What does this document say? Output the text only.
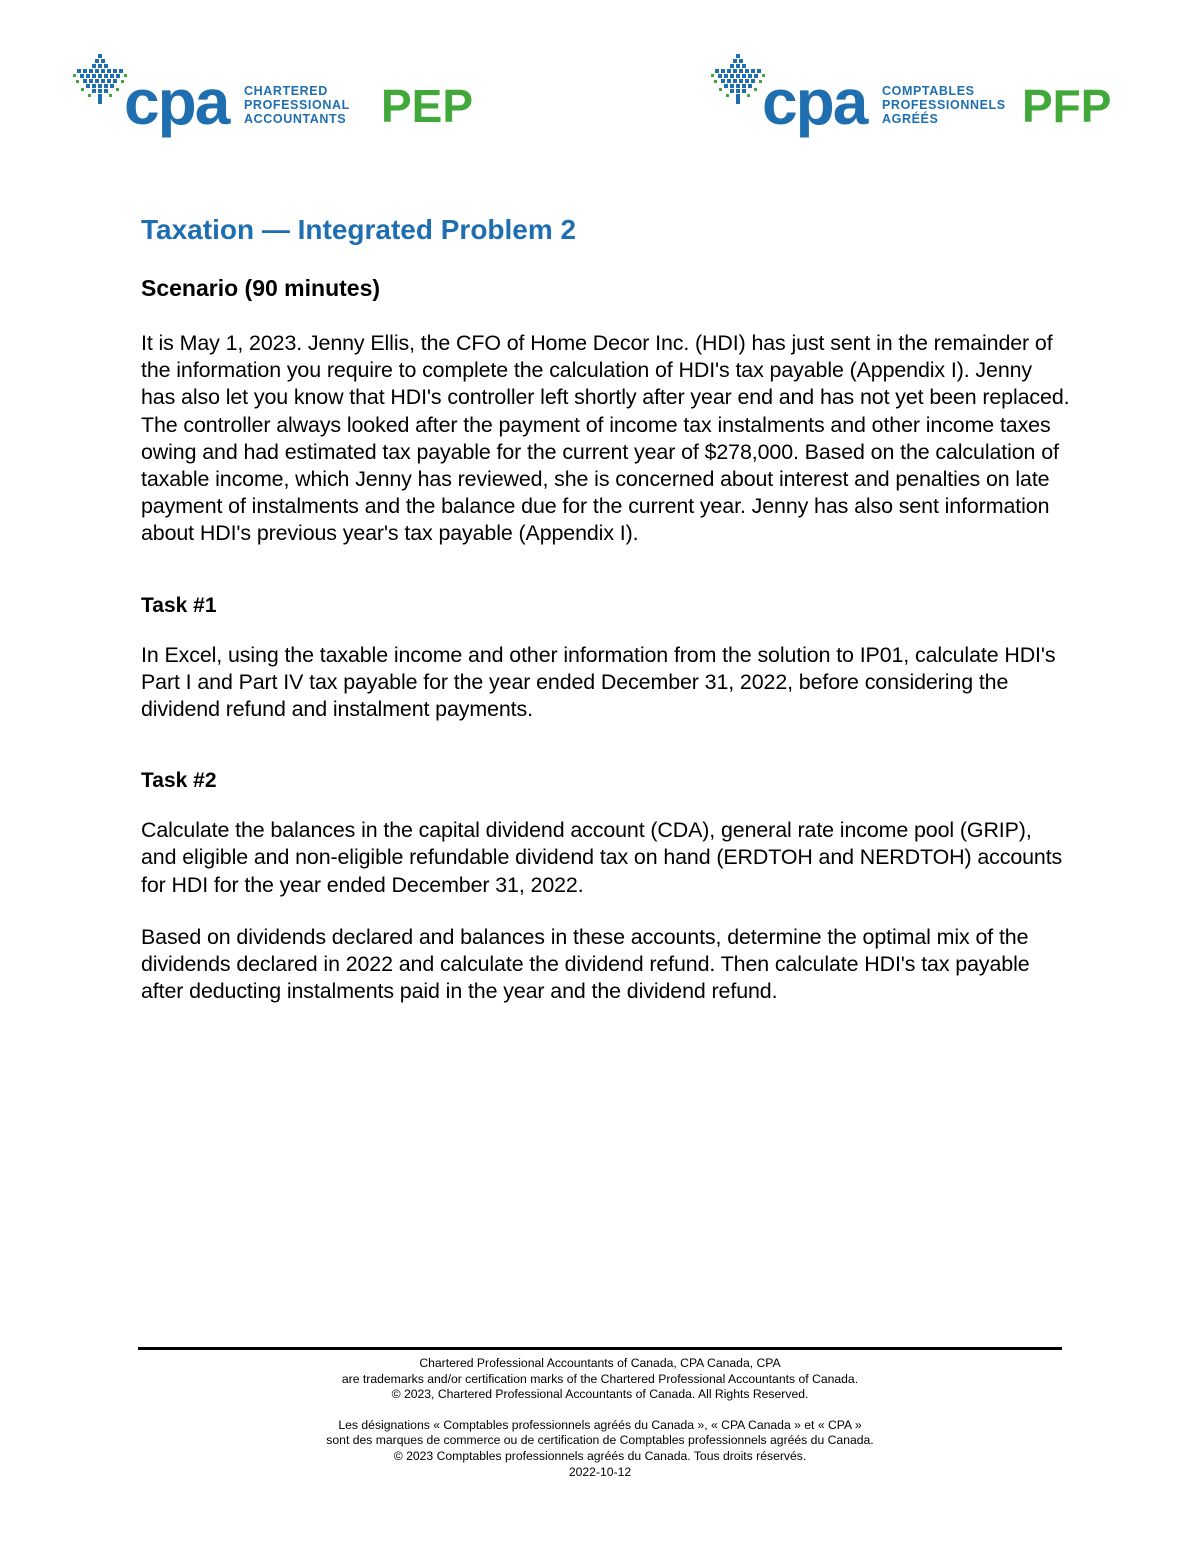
cpa CHARTERED
PROFESSIONAL
ACCOUNTANTS PEP	cpa COMPTABLES
PROFESSIONNELS
AGRÉÉS	PFP
Taxation — Integrated Problem 2
Scenario (90 minutes)

It is May 1, 2023. Jenny Ellis, the CFO of Home Decor Inc. (HDI) has just sent in the remainder of the information you require to complete the calculation of HDI's tax payable (Appendix I). Jenny has also let you know that HDI's controller left shortly after year end and has not yet been replaced. The controller always looked after the payment of income tax instalments and other income taxes owing and had estimated tax payable for the current year of $278,000. Based on the calculation of taxable income, which Jenny has reviewed, she is concerned about interest and penalties on late payment of instalments and the balance due for the current year. Jenny has also sent information about HDI's previous year's tax payable (Appendix I).

Task #1

In Excel, using the taxable income and other information from the solution to IP01, calculate HDI's Part I and Part IV tax payable for the year ended December 31, 2022, before considering the dividend refund and instalment payments.

Task #2

Calculate the balances in the capital dividend account (CDA), general rate income pool (GRIP), and eligible and non-eligible refundable dividend tax on hand (ERDTOH and NERDTOH) accounts for HDI for the year ended December 31, 2022.

Based on dividends declared and balances in these accounts, determine the optimal mix of the dividends declared in 2022 and calculate the dividend refund. Then calculate HDI's tax payable after deducting instalments paid in the year and the dividend refund.

Chartered Professional Accountants of Canada, CPA Canada, CPA
are trademarks and/or certification marks of the Chartered Professional Accountants of Canada.
© 2023, Chartered Professional Accountants of Canada. All Rights Reserved.
Les désignations « Comptables professionnels agréés du Canada », « CPA Canada » et « CPA »
sont des marques de commerce ou de certification de Comptables professionnels agréés du Canada.
© 2023 Comptables professionnels agréés du Canada. Tous droits réservés.
2022-10-12
